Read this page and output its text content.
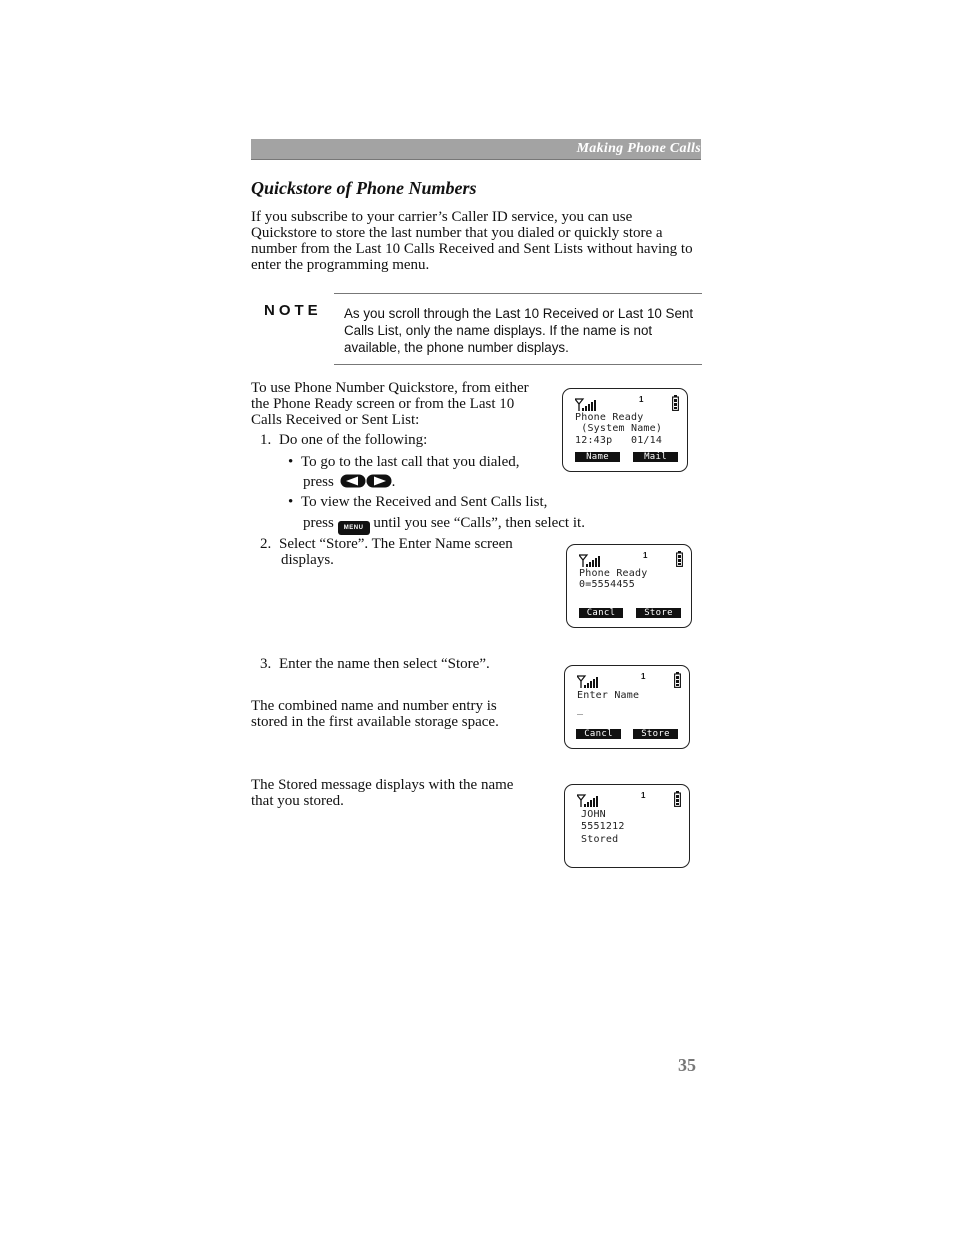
Making Phone Calls
Quickstore of Phone Numbers

If you subscribe to your carrier’s Caller ID service, you can use Quickstore to store the last number that you dialed or quickly store a number from the Last 10 Calls Received and Sent Lists without having to enter the programming menu.

NOTE As you scroll through the Last 10 Received or Last 10 Sent Calls List, only the name displays. If the name is not available, the phone number displays.

To use Phone Number Quickstore, from either the Phone Ready screen or from the Last 10 Calls Received or Sent List:

1. Do one of the following:
• To go to the last call that you dialed,
press	.
• To view the Received and Sent Calls list,
press MENU until you see “Calls”, then select it.
2. Select “Store”. The Enter Name screen
displays.
3. Enter the name then select “Store”.

The combined name and number entry is stored in the first available storage space.

The Stored message displays with the name that you stored.

1
Phone Ready
(System Name)
12:43p   01/14
Name	Mail
1
Phone Ready
0=5554455
Cancl	Store
1
Enter Name
_
Cancl	Store
1
JOHN
5551212
Stored
35
